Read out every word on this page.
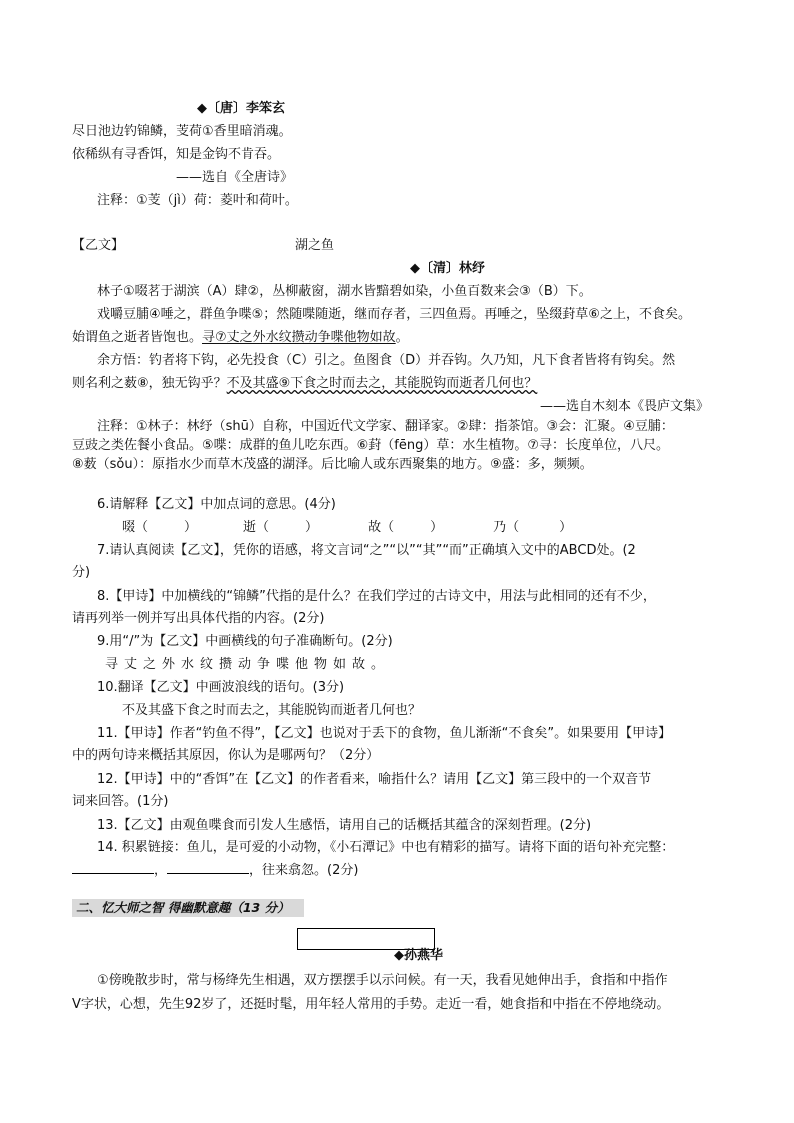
◆〔唐〕李笨玄
尽日池边钓锦鳞，芰荷①香里暗消魂。
依稀纵有寻香饵，知是金钩不肯吞。
——选自《全唐诗》
注释：①芰（jì）荷：菱叶和荷叶。
【乙文】	湖之鱼
◆〔清〕林纾
林子①啜茗于湖滨（A）肆②，丛柳蔽窗，湖水皆黯碧如染，小鱼百数来会③（B）下。
戏嚼豆脯④唾之，群鱼争喋⑤；然随喋随逝，继而存者，三四鱼焉。再唾之，坠缀葑草⑥之上，不食矣。
始谓鱼之逝者皆饱也。寻⑦丈之外水纹攒动争喋他物如故。
余方悟：钓者将下钩，必先投食（C）引之。鱼图食（D）并吞钩。久乃知，凡下食者皆将有钩矣。然
则名利之薮⑧，独无钩乎？不及其盛⑨下食之时而去之，其能脱钩而逝者几何也？
——选自木刻本《畏庐文集》
注释：①林子：林纾（shū）自称，中国近代文学家、翻译家。②肆：指茶馆。③会：汇聚。④豆脯：
豆豉之类佐餐小食品。⑤喋：成群的鱼儿吃东西。⑥葑（fēng）草：水生植物。⑦寻：长度单位，八尺。
⑧薮（sǒu）：原指水少而草木茂盛的湖泽。后比喻人或东西聚集的地方。⑨盛：多，频频。
6.请解释【乙文】中加点词的意思。(4分)
啜（	）	逝（	）	故（	）	乃（	）
7.请认真阅读【乙文】，凭你的语感，将文言词“之”“以”“其”“而”正确填入文中的ABCD处。(2
分)
8.【甲诗】中加横线的“锦鳞”代指的是什么？在我们学过的古诗文中，用法与此相同的还有不少，
请再列举一例并写出具体代指的内容。(2分)
9.用“/”为【乙文】中画横线的句子准确断句。(2分)
寻丈之外水纹攒动争喋他物如故。
10.翻译【乙文】中画波浪线的语句。(3分)
不及其盛下食之时而去之，其能脱钩而逝者几何也？
11.【甲诗】作者“钓鱼不得”，【乙文】也说对于丢下的食物，鱼儿渐渐“不食矣”。如果要用【甲诗】
中的两句诗来概括其原因，你认为是哪两句？（2分）
12.【甲诗】中的“香饵”在【乙文】的作者看来，喻指什么？请用【乙文】第三段中的一个双音节
词来回答。(1分)
13.【乙文】由观鱼喋食而引发人生感悟，请用自己的话概括其蕴含的深刻哲理。(2分)
14. 积累链接：鱼儿，是可爱的小动物，《小石潭记》中也有精彩的描写。请将下面的语句补充完整：
，	，往来翕忽。(2分)
二、忆大师之智 得幽默意趣（13 分）
◆孙燕华
①傍晚散步时，常与杨绛先生相遇，双方摆摆手以示问候。有一天，我看见她伸出手，食指和中指作
V字状，心想，先生92岁了，还挺时髦，用年轻人常用的手势。走近一看，她食指和中指在不停地绕动。
